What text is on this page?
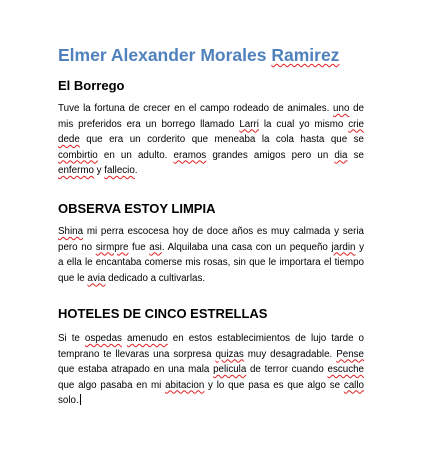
Elmer Alexander Morales Ramirez
El Borrego
Tuve la fortuna de crecer en el campo rodeado de animales. uno de
mis preferidos era un borrego llamado Larri la cual yo mismo crie
dede que era un corderito que meneaba la cola hasta que se
combirtio en un adulto. eramos grandes amigos pero un dia se
enfermo y fallecio.
OBSERVA ESTOY LIMPIA
Shina mi perra escocesa hoy de doce años es muy calmada y seria
pero no sirmpre fue asi. Alquilaba una casa con un pequeño jardin y
a ella le encantaba comerse mis rosas, sin que le importara el tiempo
que le avia dedicado a cultivarlas.
HOTELES DE CINCO ESTRELLAS
Si te ospedas amenudo en estos establecimientos de lujo tarde o
temprano te llevaras una sorpresa quizas muy desagradable. Pense
que estaba atrapado en una mala pelicula de terror cuando escuche
que algo pasaba en mi abitacion y lo que pasa es que algo se callo
solo.
